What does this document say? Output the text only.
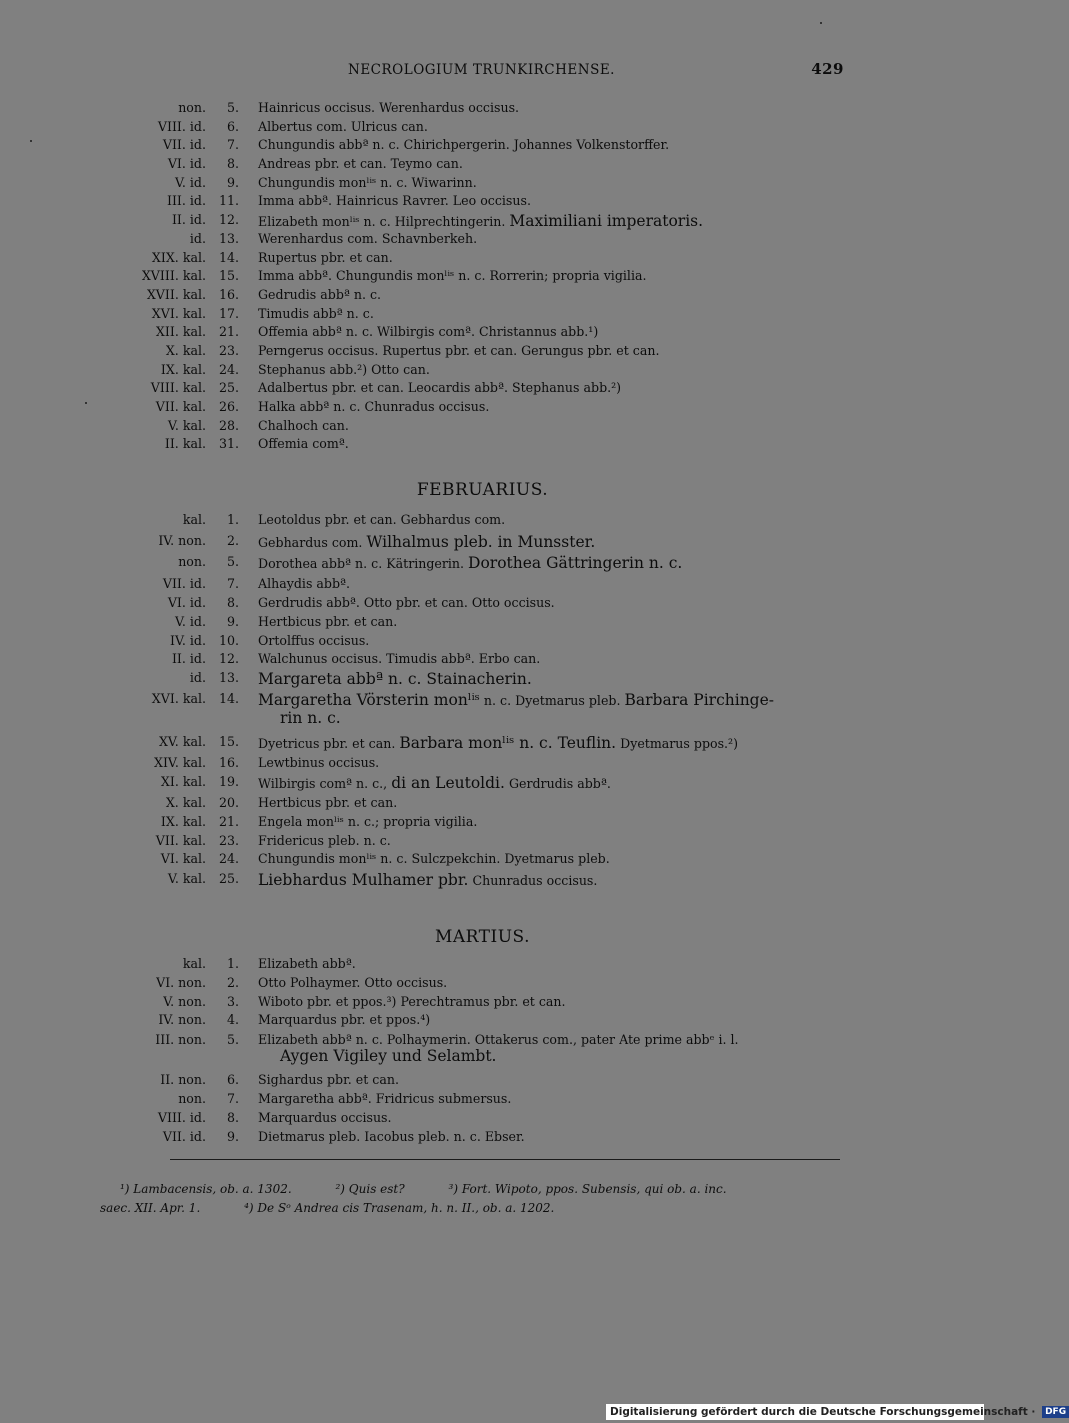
NECROLOGIUM TRUNKIRCHENSE.	429
non.	5. Hainricus occisus. Werenhardus occisus.
VIII. id.	6. Albertus com. Ulricus can.
VII. id.	7. Chungundis abbª n. c. Chirichpergerin. Johannes Volkenstorffer.
VI. id.	8. Andreas pbr. et can. Teymo can.
V. id.	9. Chungundis monˡⁱˢ n. c. Wiwarinn.
III. id.	11. Imma abbª. Hainricus Ravrer. Leo occisus.
II. id.	12. Elizabeth monˡⁱˢ n. c. Hilprechtingerin. Maximiliani imperatoris.
id.	13. Werenhardus com. Schavnberkeh.
XIX. kal.	14. Rupertus pbr. et can.
XVIII. kal.	15. Imma abbª. Chungundis monˡⁱˢ n. c. Rorrerin; propria vigilia.
XVII. kal.	16. Gedrudis abbª n. c.
XVI. kal.	17. Timudis abbª n. c.
XII. kal.	21. Offemia abbª n. c. Wilbirgis comª. Christannus abb.¹)
X. kal.	23. Perngerus occisus. Rupertus pbr. et can. Gerungus pbr. et can.
IX. kal.	24. Stephanus abb.²) Otto can.
VIII. kal.	25. Adalbertus pbr. et can. Leocardis abbª. Stephanus abb.²)
VII. kal.	26. Halka abbª n. c. Chunradus occisus.
V. kal.	28. Chalhoch can.
II. kal.	31. Offemia comª.
FEBRUARIUS.
kal.	1. Leotoldus pbr. et can. Gebhardus com.
IV. non.	2. Gebhardus com. Wilhalmus pleb. in Munsster.
non.	5. Dorothea abbª n. c. Kätringerin. Dorothea Gättringerin n. c.
VII. id.	7. Alhaydis abbª.
VI. id.	8. Gerdrudis abbª. Otto pbr. et can. Otto occisus.
V. id.	9. Hertbicus pbr. et can.
IV. id.	10. Ortolffus occisus.
II. id.	12. Walchunus occisus. Timudis abbª. Erbo can.
id.	13. Margareta abbª n. c. Stainacherin.
XVI. kal.	14. Margaretha Vörsterin monˡⁱˢ n. c. Dyetmarus pleb. Barbara Pirchinge-
rin n. c.
XV. kal.	15. Dyetricus pbr. et can. Barbara monˡⁱˢ n. c. Teuflin. Dyetmarus ppos.²)
XIV. kal.	16. Lewtbinus occisus.
XI. kal.	19. Wilbirgis comª n. c., di an Leutoldi. Gerdrudis abbª.
X. kal.	20. Hertbicus pbr. et can.
IX. kal.	21. Engela monˡⁱˢ n. c.; propria vigilia.
VII. kal.	23. Fridericus pleb. n. c.
VI. kal.	24. Chungundis monˡⁱˢ n. c. Sulczpekchin. Dyetmarus pleb.
V. kal.	25. Liebhardus Mulhamer pbr. Chunradus occisus.
MARTIUS.
kal.	1. Elizabeth abbª.
VI. non.	2. Otto Polhaymer. Otto occisus.
V. non.	3. Wiboto pbr. et ppos.³) Perechtramus pbr. et can.
IV. non.	4. Marquardus pbr. et ppos.⁴)
III. non.	5. Elizabeth abbª n. c. Polhaymerin. Ottakerus com., pater Ate prime abbᵉ i. l.
Aygen Vigiley und Selambt.
II. non.	6. Sighardus pbr. et can.
non.	7. Margaretha abbª. Fridricus submersus.
VIII. id.	8. Marquardus occisus.
VII. id.	9. Dietmarus pleb. Iacobus pleb. n. c. Ebser.
¹) Lambacensis, ob. a. 1302.	²) Quis est?	³) Fort. Wipoto, ppos. Subensis, qui ob. a. inc.
saec. XII. Apr. 1.	⁴) De Sᵒ Andrea cis Trasenam, h. n. II., ob. a. 1202.
Digitalisierung gefördert durch die Deutsche Forschungsgemeinschaft · DFG
